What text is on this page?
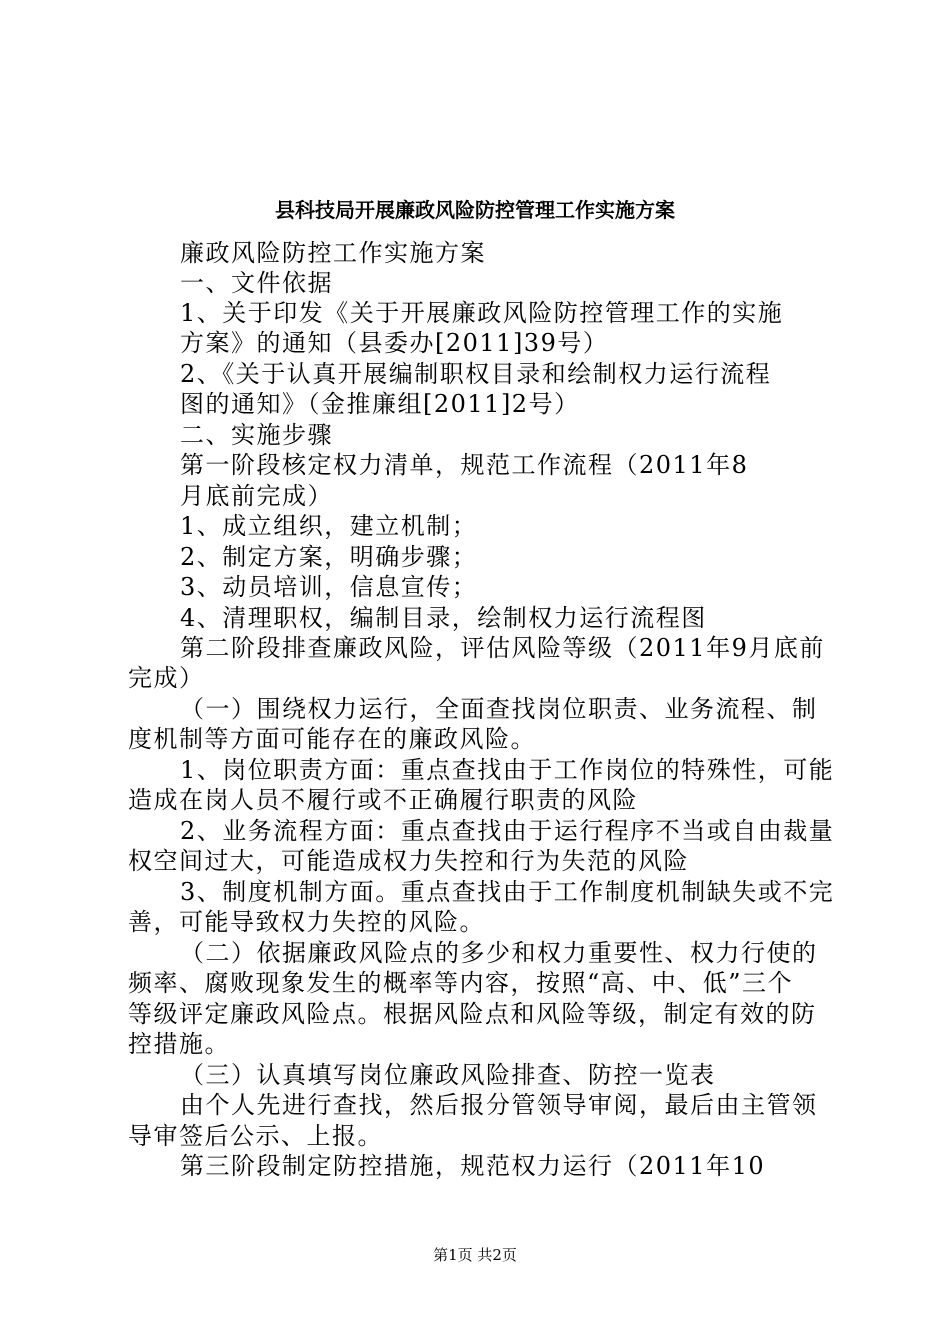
县科技局开展廉政风险防控管理工作实施方案
廉政风险防控工作实施方案
一、文件依据
1、关于印发《关于开展廉政风险防控管理工作的实施
方案》的通知（县委办[2011]39号）
2、《关于认真开展编制职权目录和绘制权力运行流程
图的通知》（金推廉组[2011]2号）
二、实施步骤
第一阶段核定权力清单，规范工作流程（2011年8
月底前完成）
1、成立组织，建立机制；
2、制定方案，明确步骤；
3、动员培训，信息宣传；
4、清理职权，编制目录，绘制权力运行流程图
第二阶段排查廉政风险，评估风险等级（2011年9月底前
完成）
（一）围绕权力运行，全面查找岗位职责、业务流程、制
度机制等方面可能存在的廉政风险。
1、岗位职责方面：重点查找由于工作岗位的特殊性，可能
造成在岗人员不履行或不正确履行职责的风险
2、业务流程方面：重点查找由于运行程序不当或自由裁量
权空间过大，可能造成权力失控和行为失范的风险
3、制度机制方面。重点查找由于工作制度机制缺失或不完
善，可能导致权力失控的风险。
（二）依据廉政风险点的多少和权力重要性、权力行使的
频率、腐败现象发生的概率等内容，按照“高、中、低”三个
等级评定廉政风险点。根据风险点和风险等级，制定有效的防
控措施。
（三）认真填写岗位廉政风险排查、防控一览表
由个人先进行查找，然后报分管领导审阅，最后由主管领
导审签后公示、上报。
第三阶段制定防控措施，规范权力运行（2011年10
第1页 共2页
